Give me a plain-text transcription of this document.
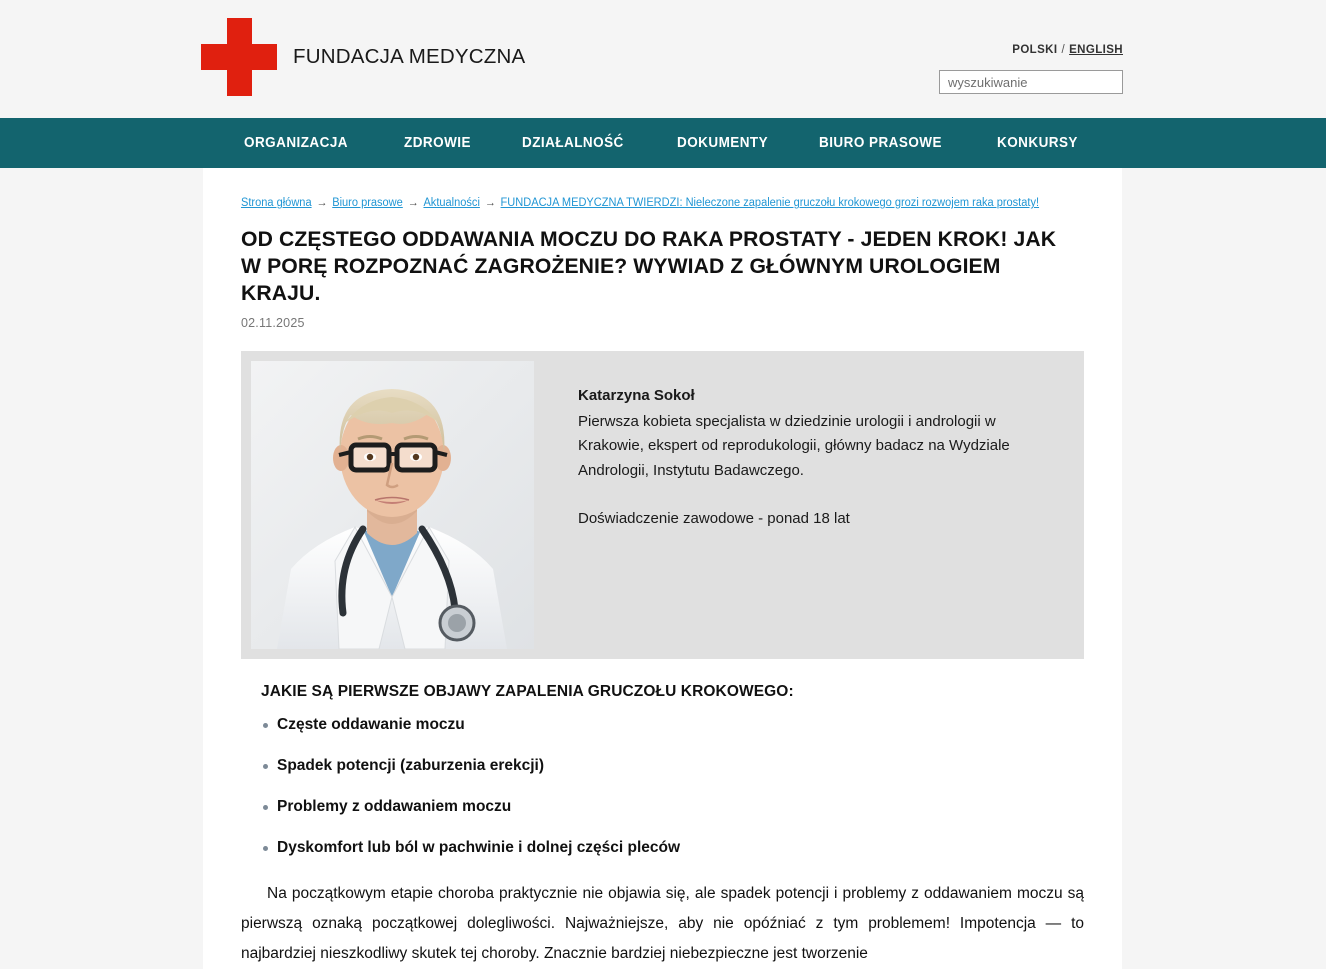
FUNDACJA MEDYCZNA	POLSKI / ENGLISH
wyszukiwanie
ORGANIZACJA	ZDROWIE	DZIAŁALNOŚĆ	DOKUMENTY	BIURO PRASOWE	KONKURSY
Strona główna → Biuro prasowe → Aktualności → FUNDACJA MEDYCZNA TWIERDZI: Nieleczone zapalenie gruczołu krokowego grozi rozwojem raka prostaty!
OD CZĘSTEGO ODDAWANIA MOCZU DO RAKA PROSTATY - JEDEN KROK! JAK W PORĘ ROZPOZNAĆ ZAGROŻENIE? WYWIAD Z GŁÓWNYM UROLOGIEM KRAJU.
02.11.2025
Katarzyna Sokoł

Pierwsza kobieta specjalista w dziedzinie urologii i andrologii w Krakowie, ekspert od reprodukologii, główny badacz na Wydziale Andrologii, Instytutu Badawczego.

Doświadczenie zawodowe - ponad 18 lat
JAKIE SĄ PIERWSZE OBJAWY ZAPALENIA GRUCZOŁU KROKOWEGO:
Częste oddawanie moczu
Spadek potencji (zaburzenia erekcji)
Problemy z oddawaniem moczu
Dyskomfort lub ból w pachwinie i dolnej części pleców

Na początkowym etapie choroba praktycznie nie objawia się, ale spadek potencji i problemy z oddawaniem moczu są pierwszą oznaką początkowej dolegliwości. Najważniejsze, aby nie opóźniać z tym problemem! Impotencja — to najbardziej nieszkodliwy skutek tej choroby. Znacznie bardziej niebezpieczne jest tworzenie
